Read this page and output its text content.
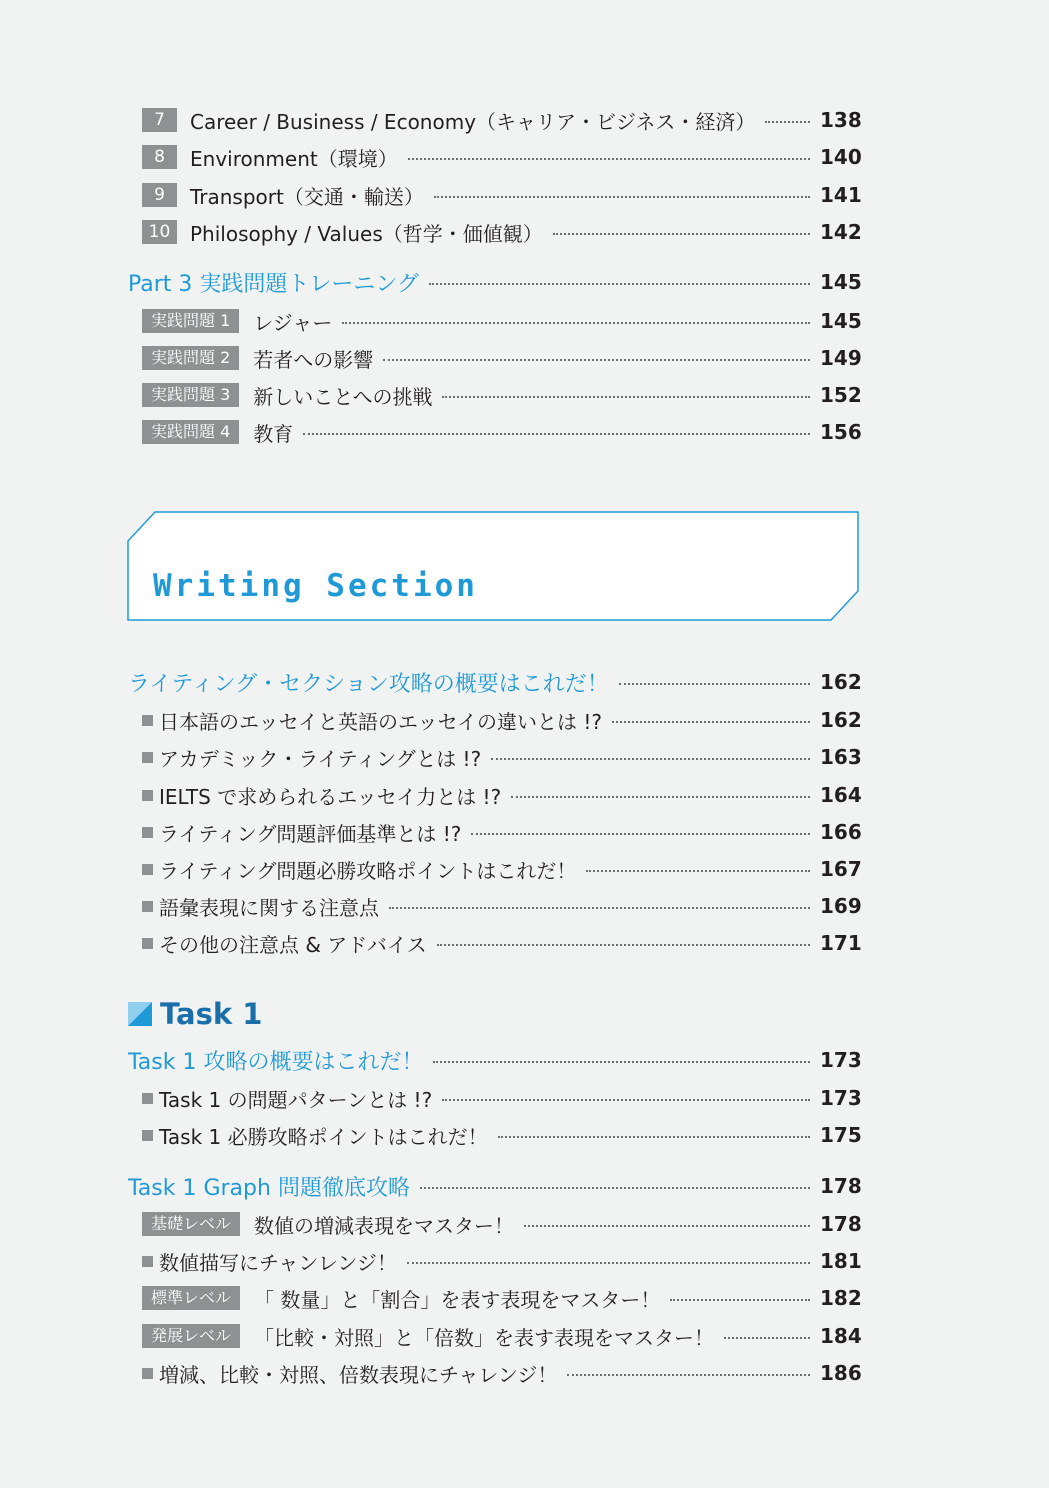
7	Career / Business / Economy（キャリア・ビジネス・経済）	138
8	Environment（環境）	140
9	Transport（交通・輸送）	141
10 Philosophy / Values（哲学・価値観）	142
Part 3 実践問題トレーニング	145
実践問題 1	レジャー	145
実践問題 2	若者への影響	149
実践問題 3	新しいことへの挑戦	152
実践問題 4	教育	156
Writing Section
ライティング・セクション攻略の概要はこれだ！	162
日本語のエッセイと英語のエッセイの違いとは !?	162
アカデミック・ライティングとは !?	163
IELTS で求められるエッセイ力とは !?	164
ライティング問題評価基準とは !?	166
ライティング問題必勝攻略ポイントはこれだ！	167
語彙表現に関する注意点	169
その他の注意点 & アドバイス	171
Task 1
Task 1 攻略の概要はこれだ！	173
Task 1 の問題パターンとは !?	173
Task 1 必勝攻略ポイントはこれだ！	175
Task 1 Graph 問題徹底攻略	178
基礎レベル	数値の増減表現をマスター！	178
数値描写にチャンレンジ！	181
標準レベル	「 数量」と「割合」を表す表現をマスター！	182
発展レベル	「比較・対照」と「倍数」を表す表現をマスター！	184
増減、比較・対照、倍数表現にチャレンジ！	186
